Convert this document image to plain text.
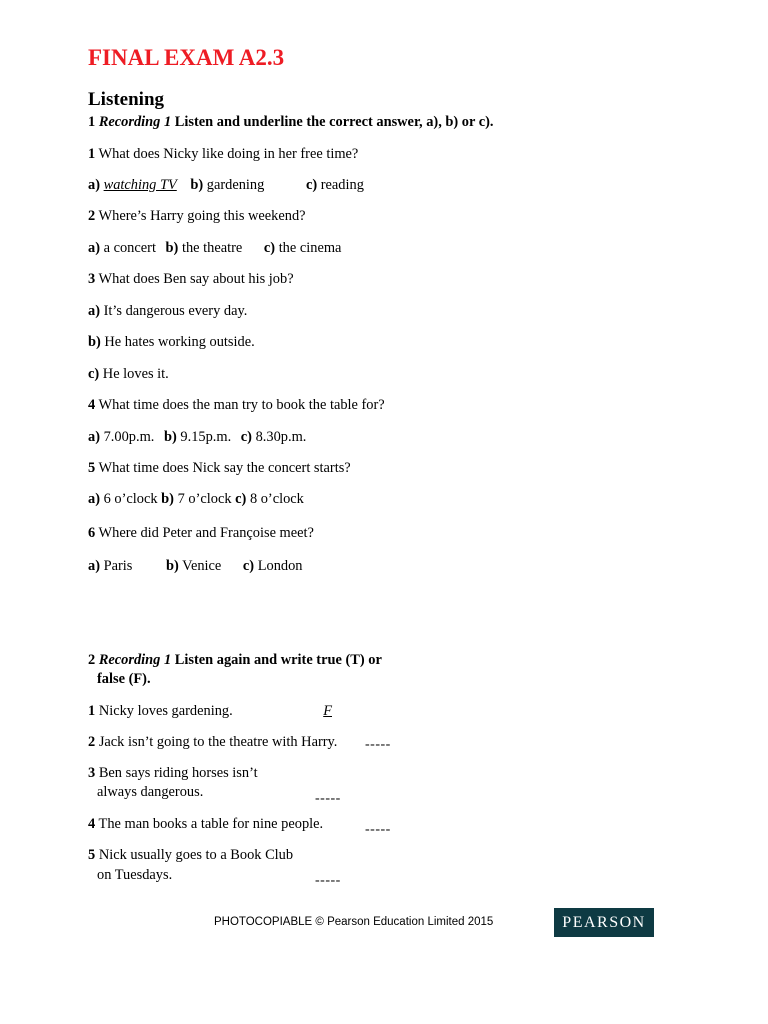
FINAL EXAM A2.3
Listening
1 Recording 1 Listen and underline the correct answer, a), b) or c).
1 What does Nicky like doing in her free time?
a) watching TV b) gardening	c) reading
2 Where’s Harry going this weekend?
a) a concert b) the theatre c) the cinema
3 What does Ben say about his job?
a) It’s dangerous every day.
b) He hates working outside.
c) He loves it.
4 What time does the man try to book the table for?
a) 7.00p.m. b) 9.15p.m. c) 8.30p.m.
5 What time does Nick say the concert starts?
a) 6 o’clock b) 7 o’clock c) 8 o’clock
6 Where did Peter and Françoise meet?
a) Paris b) Venice c) London
2 Recording 1 Listen again and write true (T) or
false (F).
1 Nicky loves gardening.	F
2 Jack isn’t going to the theatre with Harry. -----
3 Ben says riding horses isn’t
always dangerous.	-----
4 The man books a table for nine people.	-----
5 Nick usually goes to a Book Club
on Tuesdays.	-----
PHOTOCOPIABLE © Pearson Education Limited 2015	PEARSON
